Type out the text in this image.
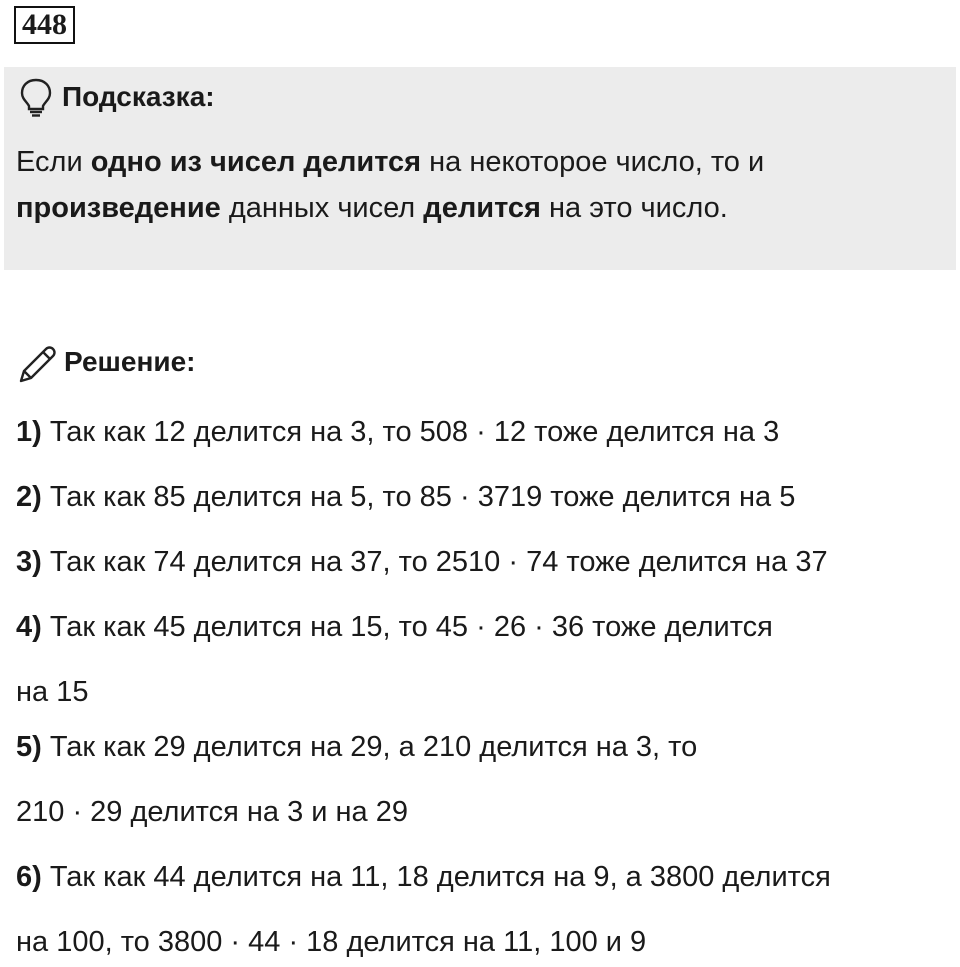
448
Подсказка:
Если одно из чисел делится на некоторое число, то и произведение данных чисел делится на это число.
Решение:
1) Так как 12 делится на 3, то 508 · 12 тоже делится на 3
2) Так как 85 делится на 5, то 85 · 3719 тоже делится на 5
3) Так как 74 делится на 37, то 2510 · 74 тоже делится на 37
4) Так как 45 делится на 15, то 45 · 26 · 36 тоже делится
на 15
5) Так как 29 делится на 29, а 210 делится на 3, то
210 · 29 делится на 3 и на 29
6) Так как 44 делится на 11, 18 делится на 9, а 3800 делится
на 100, то 3800 · 44 · 18 делится на 11, 100 и 9
